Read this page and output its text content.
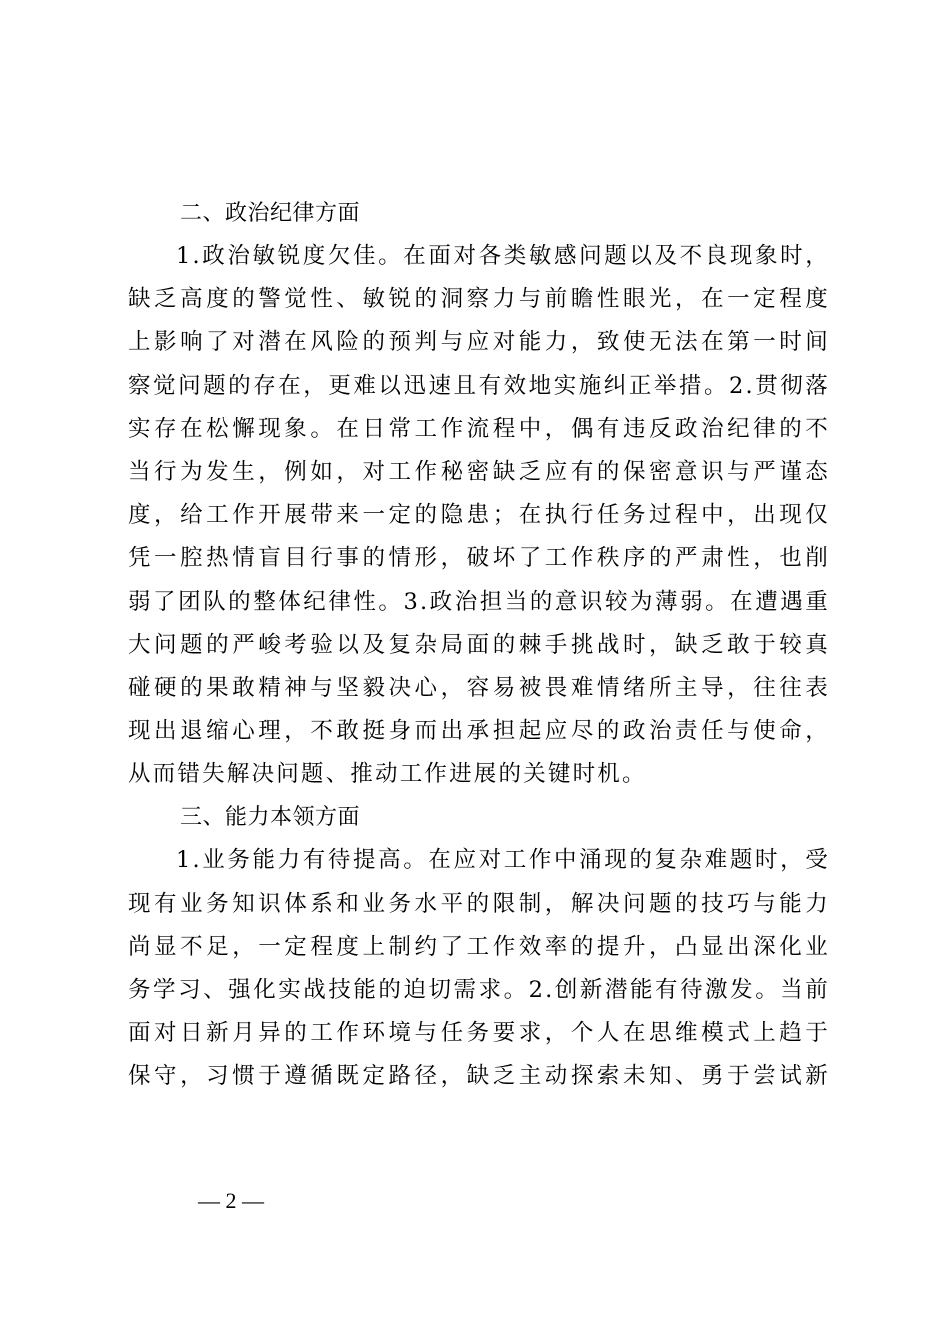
二、政治纪律方面
1.政治敏锐度欠佳。在面对各类敏感问题以及不良现象时，
缺乏高度的警觉性、敏锐的洞察力与前瞻性眼光，在一定程度
上影响了对潜在风险的预判与应对能力，致使无法在第一时间
察觉问题的存在，更难以迅速且有效地实施纠正举措。2.贯彻落
实存在松懈现象。在日常工作流程中，偶有违反政治纪律的不
当行为发生，例如，对工作秘密缺乏应有的保密意识与严谨态
度，给工作开展带来一定的隐患；在执行任务过程中，出现仅
凭一腔热情盲目行事的情形，破坏了工作秩序的严肃性，也削
弱了团队的整体纪律性。3.政治担当的意识较为薄弱。在遭遇重
大问题的严峻考验以及复杂局面的棘手挑战时，缺乏敢于较真
碰硬的果敢精神与坚毅决心，容易被畏难情绪所主导，往往表
现出退缩心理，不敢挺身而出承担起应尽的政治责任与使命，
从而错失解决问题、推动工作进展的关键时机。
三、能力本领方面
1.业务能力有待提高。在应对工作中涌现的复杂难题时，受
现有业务知识体系和业务水平的限制，解决问题的技巧与能力
尚显不足，一定程度上制约了工作效率的提升，凸显出深化业
务学习、强化实战技能的迫切需求。2.创新潜能有待激发。当前
面对日新月异的工作环境与任务要求，个人在思维模式上趋于
保守，习惯于遵循既定路径，缺乏主动探索未知、勇于尝试新
— 2 —
